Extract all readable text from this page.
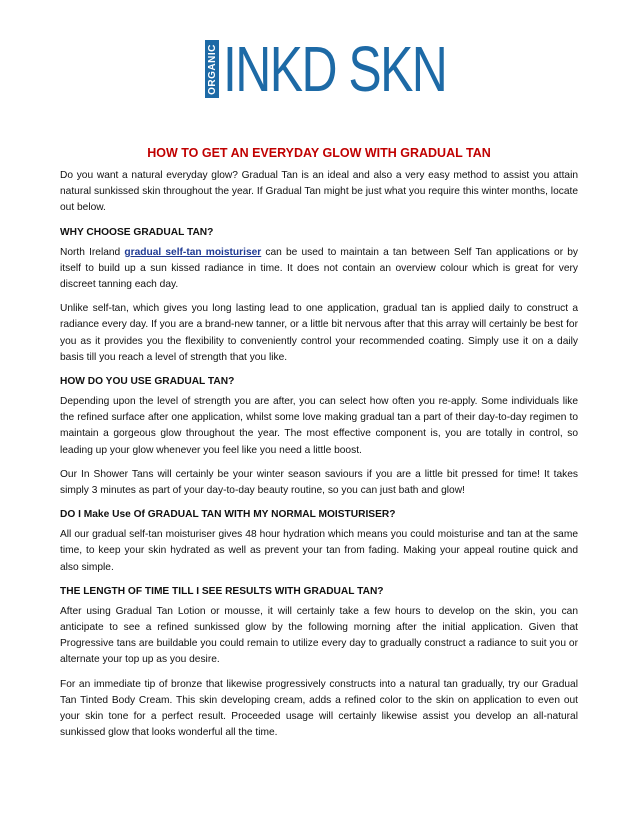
ORGANIC INKD SKN
HOW TO GET AN EVERYDAY GLOW WITH GRADUAL TAN

Do you want a natural everyday glow? Gradual Tan is an ideal and also a very easy method to assist you attain natural sunkissed skin throughout the year. If Gradual Tan might be just what you require this winter months, locate out below.

WHY CHOOSE GRADUAL TAN?

North Ireland gradual self-tan moisturiser can be used to maintain a tan between Self Tan applications or by itself to build up a sun kissed radiance in time. It does not contain an overview colour which is great for very discreet tanning each day.

Unlike self-tan, which gives you long lasting lead to one application, gradual tan is applied daily to construct a radiance every day. If you are a brand-new tanner, or a little bit nervous after that this array will certainly be best for you as it provides you the flexibility to conveniently control your recommended coating. Simply use it on a daily basis till you reach a level of strength that you like.

HOW DO YOU USE GRADUAL TAN?

Depending upon the level of strength you are after, you can select how often you re-apply. Some individuals like the refined surface after one application, whilst some love making gradual tan a part of their day-to-day regimen to maintain a gorgeous glow throughout the year. The most effective component is, you are totally in control, so leading up your glow whenever you feel like you need a little boost.

Our In Shower Tans will certainly be your winter season saviours if you are a little bit pressed for time! It takes simply 3 minutes as part of your day-to-day beauty routine, so you can just bath and glow!

DO I Make Use Of GRADUAL TAN WITH MY NORMAL MOISTURISER?

All our gradual self-tan moisturiser gives 48 hour hydration which means you could moisturise and tan at the same time, to keep your skin hydrated as well as prevent your tan from fading. Making your appeal routine quick and also simple.

THE LENGTH OF TIME TILL I SEE RESULTS WITH GRADUAL TAN?

After using Gradual Tan Lotion or mousse, it will certainly take a few hours to develop on the skin, you can anticipate to see a refined sunkissed glow by the following morning after the initial application. Given that Progressive tans are buildable you could remain to utilize every day to gradually construct a radiance to suit you or alternate your top up as you desire.

For an immediate tip of bronze that likewise progressively constructs into a natural tan gradually, try our Gradual Tan Tinted Body Cream. This skin developing cream, adds a refined color to the skin on application to even out your skin tone for a perfect result. Proceeded usage will certainly likewise assist you develop an all-natural sunkissed glow that looks wonderful all the time.
